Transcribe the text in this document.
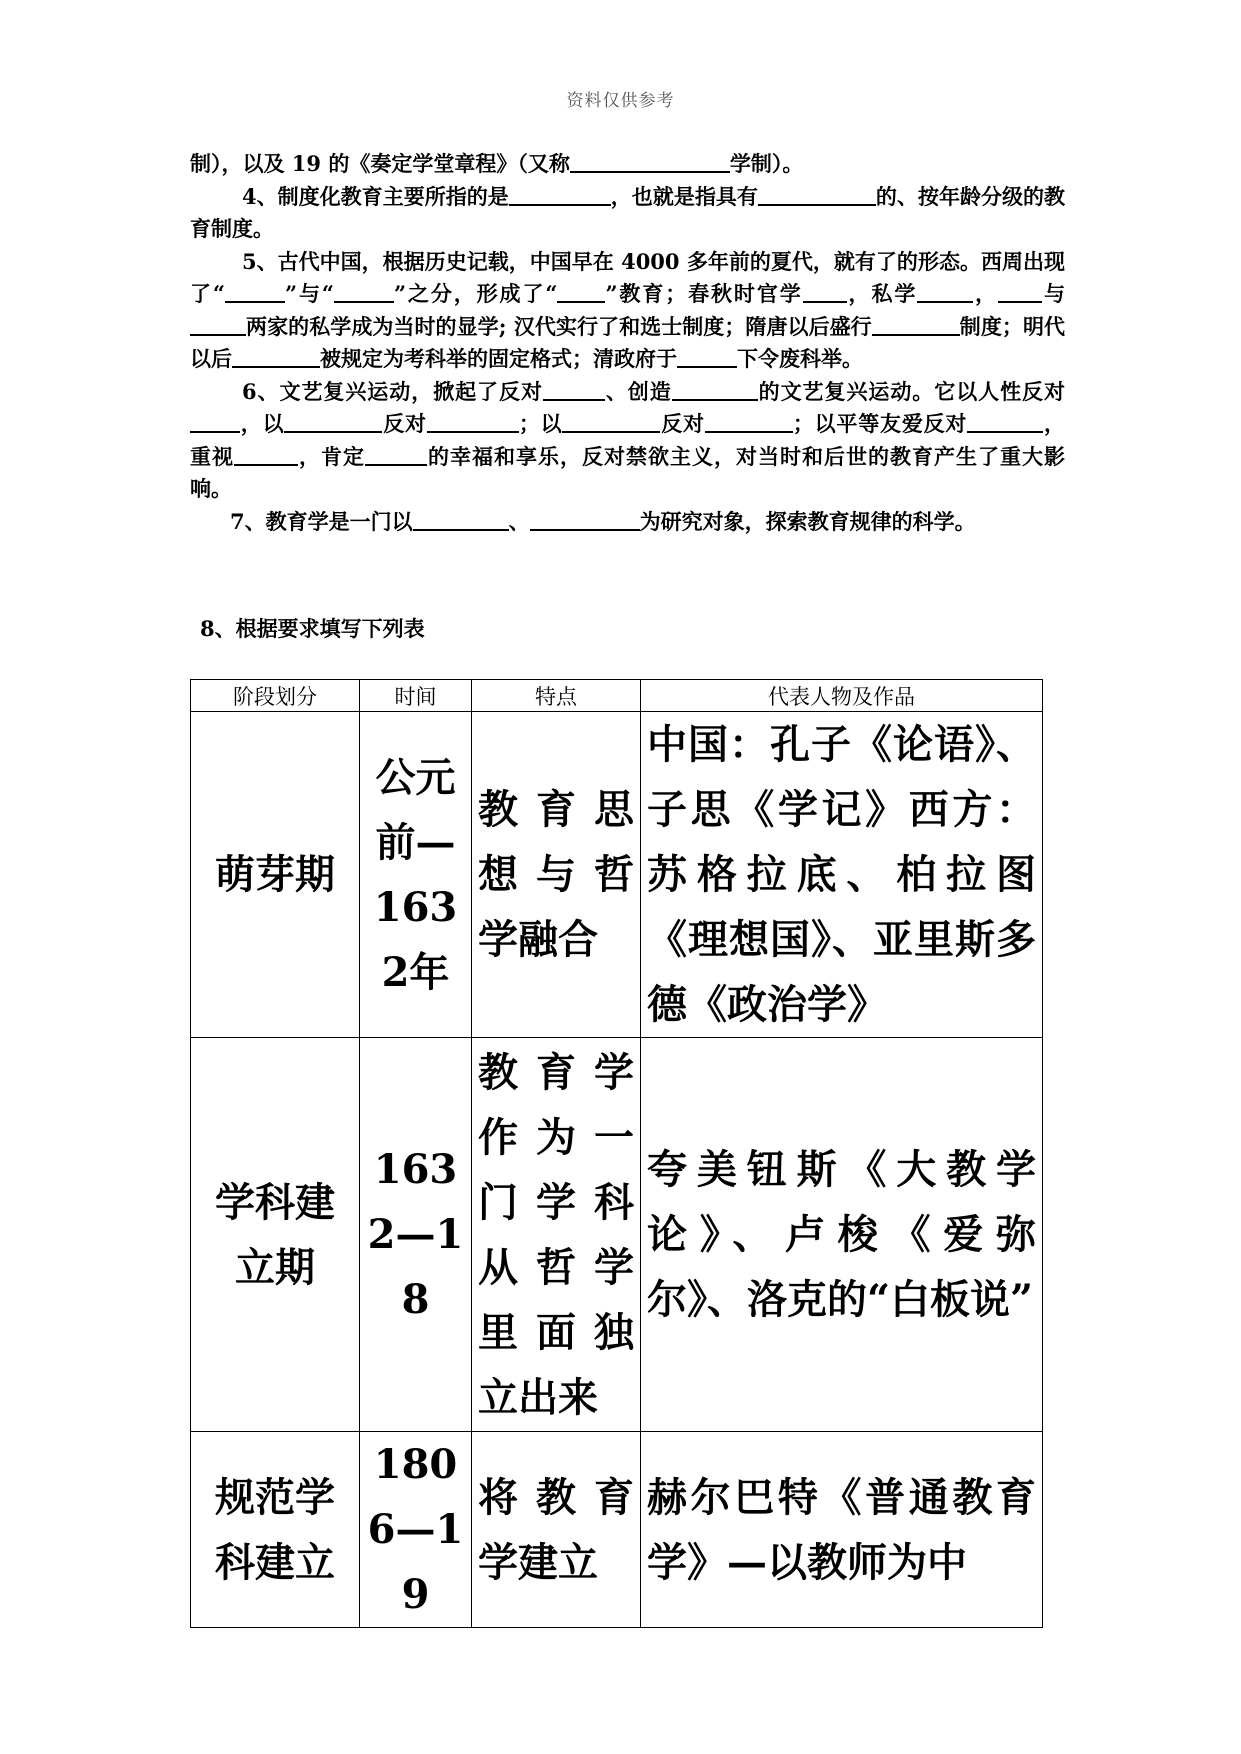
资料仅供参考

制），以及 19 的《奏定学堂章程》（又称	学制）。

4、制度化教育主要所指的是	，也就是指具有	的、按年龄分级的教育制度。

5、古代中国，根据历史记载，中国早在 4000 多年前的夏代，就有了的形态。西周出现了“	”与“	”之分，形成了“ ”教育；春秋时官学 ，私学	， 与两家的私学成为当时的显学; 汉代实行了和选士制度；隋唐以后盛行	制度；明代以后	被规定为考科举的固定格式；清政府于	下令废科举。

6、文艺复兴运动，掀起了反对	、创造	的文艺复兴运动。它以人性反对，以	反对	；以	反对	；以平等友爱反对	，重视	，肯定	的幸福和享乐，反对禁欲主义，对当时和后世的教育产生了重大影响。

7、教育学是一门以	、	为研究对象，探索教育规律的科学。

8、根据要求填写下列表
阶段划分	时间	特点	代表人物及作品
萌芽期	公元前—1632年	教育思想与哲学融合	中国：孔子《论语》、子思《学记》西方：苏格拉底、柏拉图《理想国》、亚里斯多德《政治学》
学科建立期	1632—18	教育学作为一门学科从哲学里面独立出来	夸美钮斯《大教学论》、卢梭《爱弥尔》、洛克的“白板说”
规范学科建立	1806—19	将教育学建立	赫尔巴特《普通教育学》—以教师为中
